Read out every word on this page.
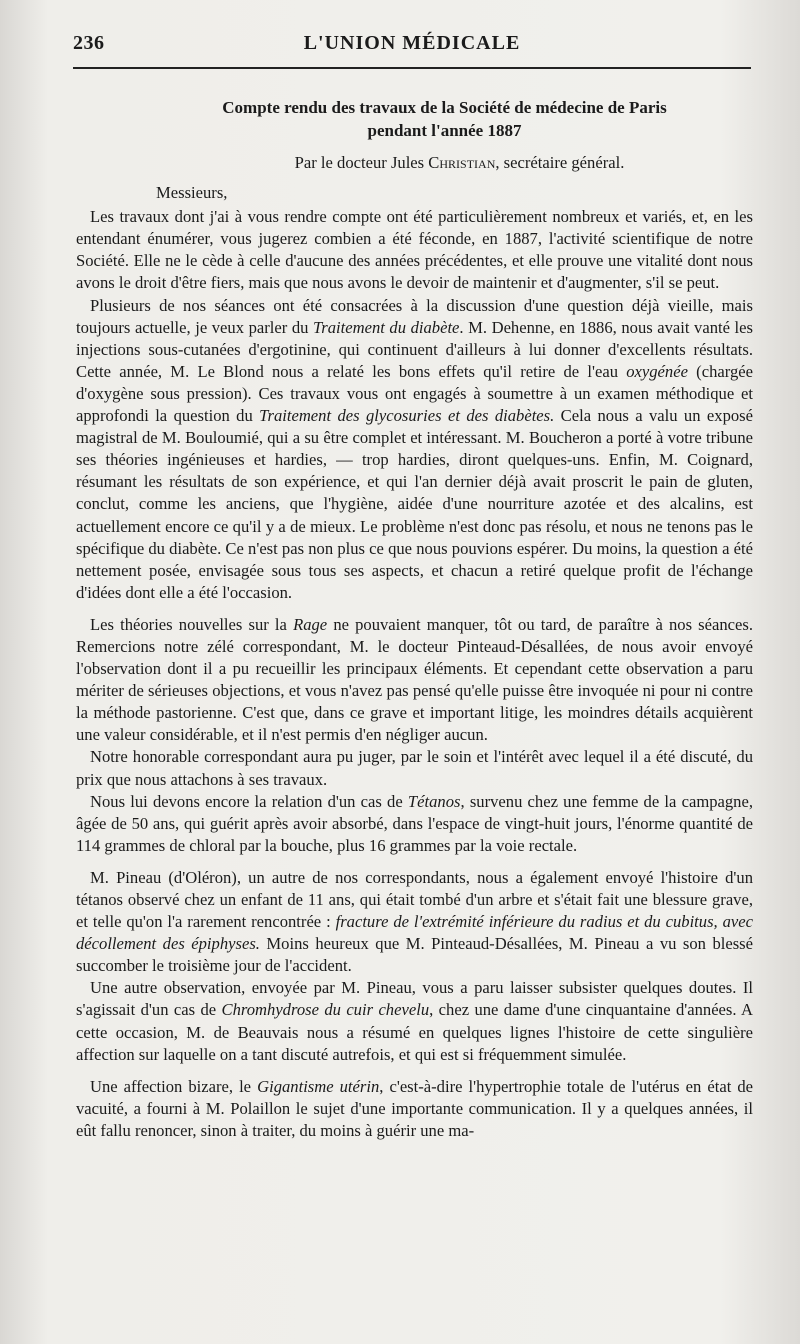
236	L'UNION MÉDICALE
Compte rendu des travaux de la Société de médecine de Paris
pendant l'année 1887
Par le docteur Jules Christian, secrétaire général.
Messieurs,

Les travaux dont j'ai à vous rendre compte ont été particulièrement nombreux et variés, et, en les entendant énumérer, vous jugerez combien a été féconde, en 1887, l'activité scientifique de notre Société. Elle ne le cède à celle d'aucune des années précédentes, et elle prouve une vitalité dont nous avons le droit d'être fiers, mais que nous avons le devoir de maintenir et d'augmenter, s'il se peut.

Plusieurs de nos séances ont été consacrées à la discussion d'une question déjà vieille, mais toujours actuelle, je veux parler du Traitement du diabète. M. Dehenne, en 1886, nous avait vanté les injections sous-cutanées d'ergotinine, qui continuent d'ailleurs à lui donner d'excellents résultats. Cette année, M. Le Blond nous a relaté les bons effets qu'il retire de l'eau oxygénée (chargée d'oxygène sous pression). Ces travaux vous ont engagés à soumettre à un examen méthodique et approfondi la question du Traitement des glycosuries et des diabètes. Cela nous a valu un exposé magistral de M. Bouloumié, qui a su être complet et intéressant. M. Boucheron a porté à votre tribune ses théories ingénieuses et hardies, — trop hardies, diront quelques-uns. Enfin, M. Coignard, résumant les résultats de son expérience, et qui l'an dernier déjà avait proscrit le pain de gluten, conclut, comme les anciens, que l'hygiène, aidée d'une nourriture azotée et des alcalins, est actuellement encore ce qu'il y a de mieux. Le problème n'est donc pas résolu, et nous ne tenons pas le spécifique du diabète. Ce n'est pas non plus ce que nous pouvions espérer. Du moins, la question a été nettement posée, envisagée sous tous ses aspects, et chacun a retiré quelque profit de l'échange d'idées dont elle a été l'occasion.

Les théories nouvelles sur la Rage ne pouvaient manquer, tôt ou tard, de paraître à nos séances. Remercions notre zélé correspondant, M. le docteur Pinteaud-Désallées, de nous avoir envoyé l'observation dont il a pu recueillir les principaux éléments. Et cependant cette observation a paru mériter de sérieuses objections, et vous n'avez pas pensé qu'elle puisse être invoquée ni pour ni contre la méthode pastorienne. C'est que, dans ce grave et important litige, les moindres détails acquièrent une valeur considérable, et il n'est permis d'en négliger aucun.

Notre honorable correspondant aura pu juger, par le soin et l'intérêt avec lequel il a été discuté, du prix que nous attachons à ses travaux.

Nous lui devons encore la relation d'un cas de Tétanos, survenu chez une femme de la campagne, âgée de 50 ans, qui guérit après avoir absorbé, dans l'espace de vingt-huit jours, l'énorme quantité de 114 grammes de chloral par la bouche, plus 16 grammes par la voie rectale.

M. Pineau (d'Oléron), un autre de nos correspondants, nous a également envoyé l'histoire d'un tétanos observé chez un enfant de 11 ans, qui était tombé d'un arbre et s'était fait une blessure grave, et telle qu'on l'a rarement rencontrée : fracture de l'extrémité inférieure du radius et du cubitus, avec décollement des épiphyses. Moins heureux que M. Pinteaud-Désallées, M. Pineau a vu son blessé succomber le troisième jour de l'accident.

Une autre observation, envoyée par M. Pineau, vous a paru laisser subsister quelques doutes. Il s'agissait d'un cas de Chromhydrose du cuir chevelu, chez une dame d'une cinquantaine d'années. A cette occasion, M. de Beauvais nous a résumé en quelques lignes l'histoire de cette singulière affection sur laquelle on a tant discuté autrefois, et qui est si fréquemment simulée.

Une affection bizare, le Gigantisme utérin, c'est-à-dire l'hypertrophie totale de l'utérus en état de vacuité, a fourni à M. Polaillon le sujet d'une importante communication. Il y a quelques années, il eût fallu renoncer, sinon à traiter, du moins à guérir une ma-
